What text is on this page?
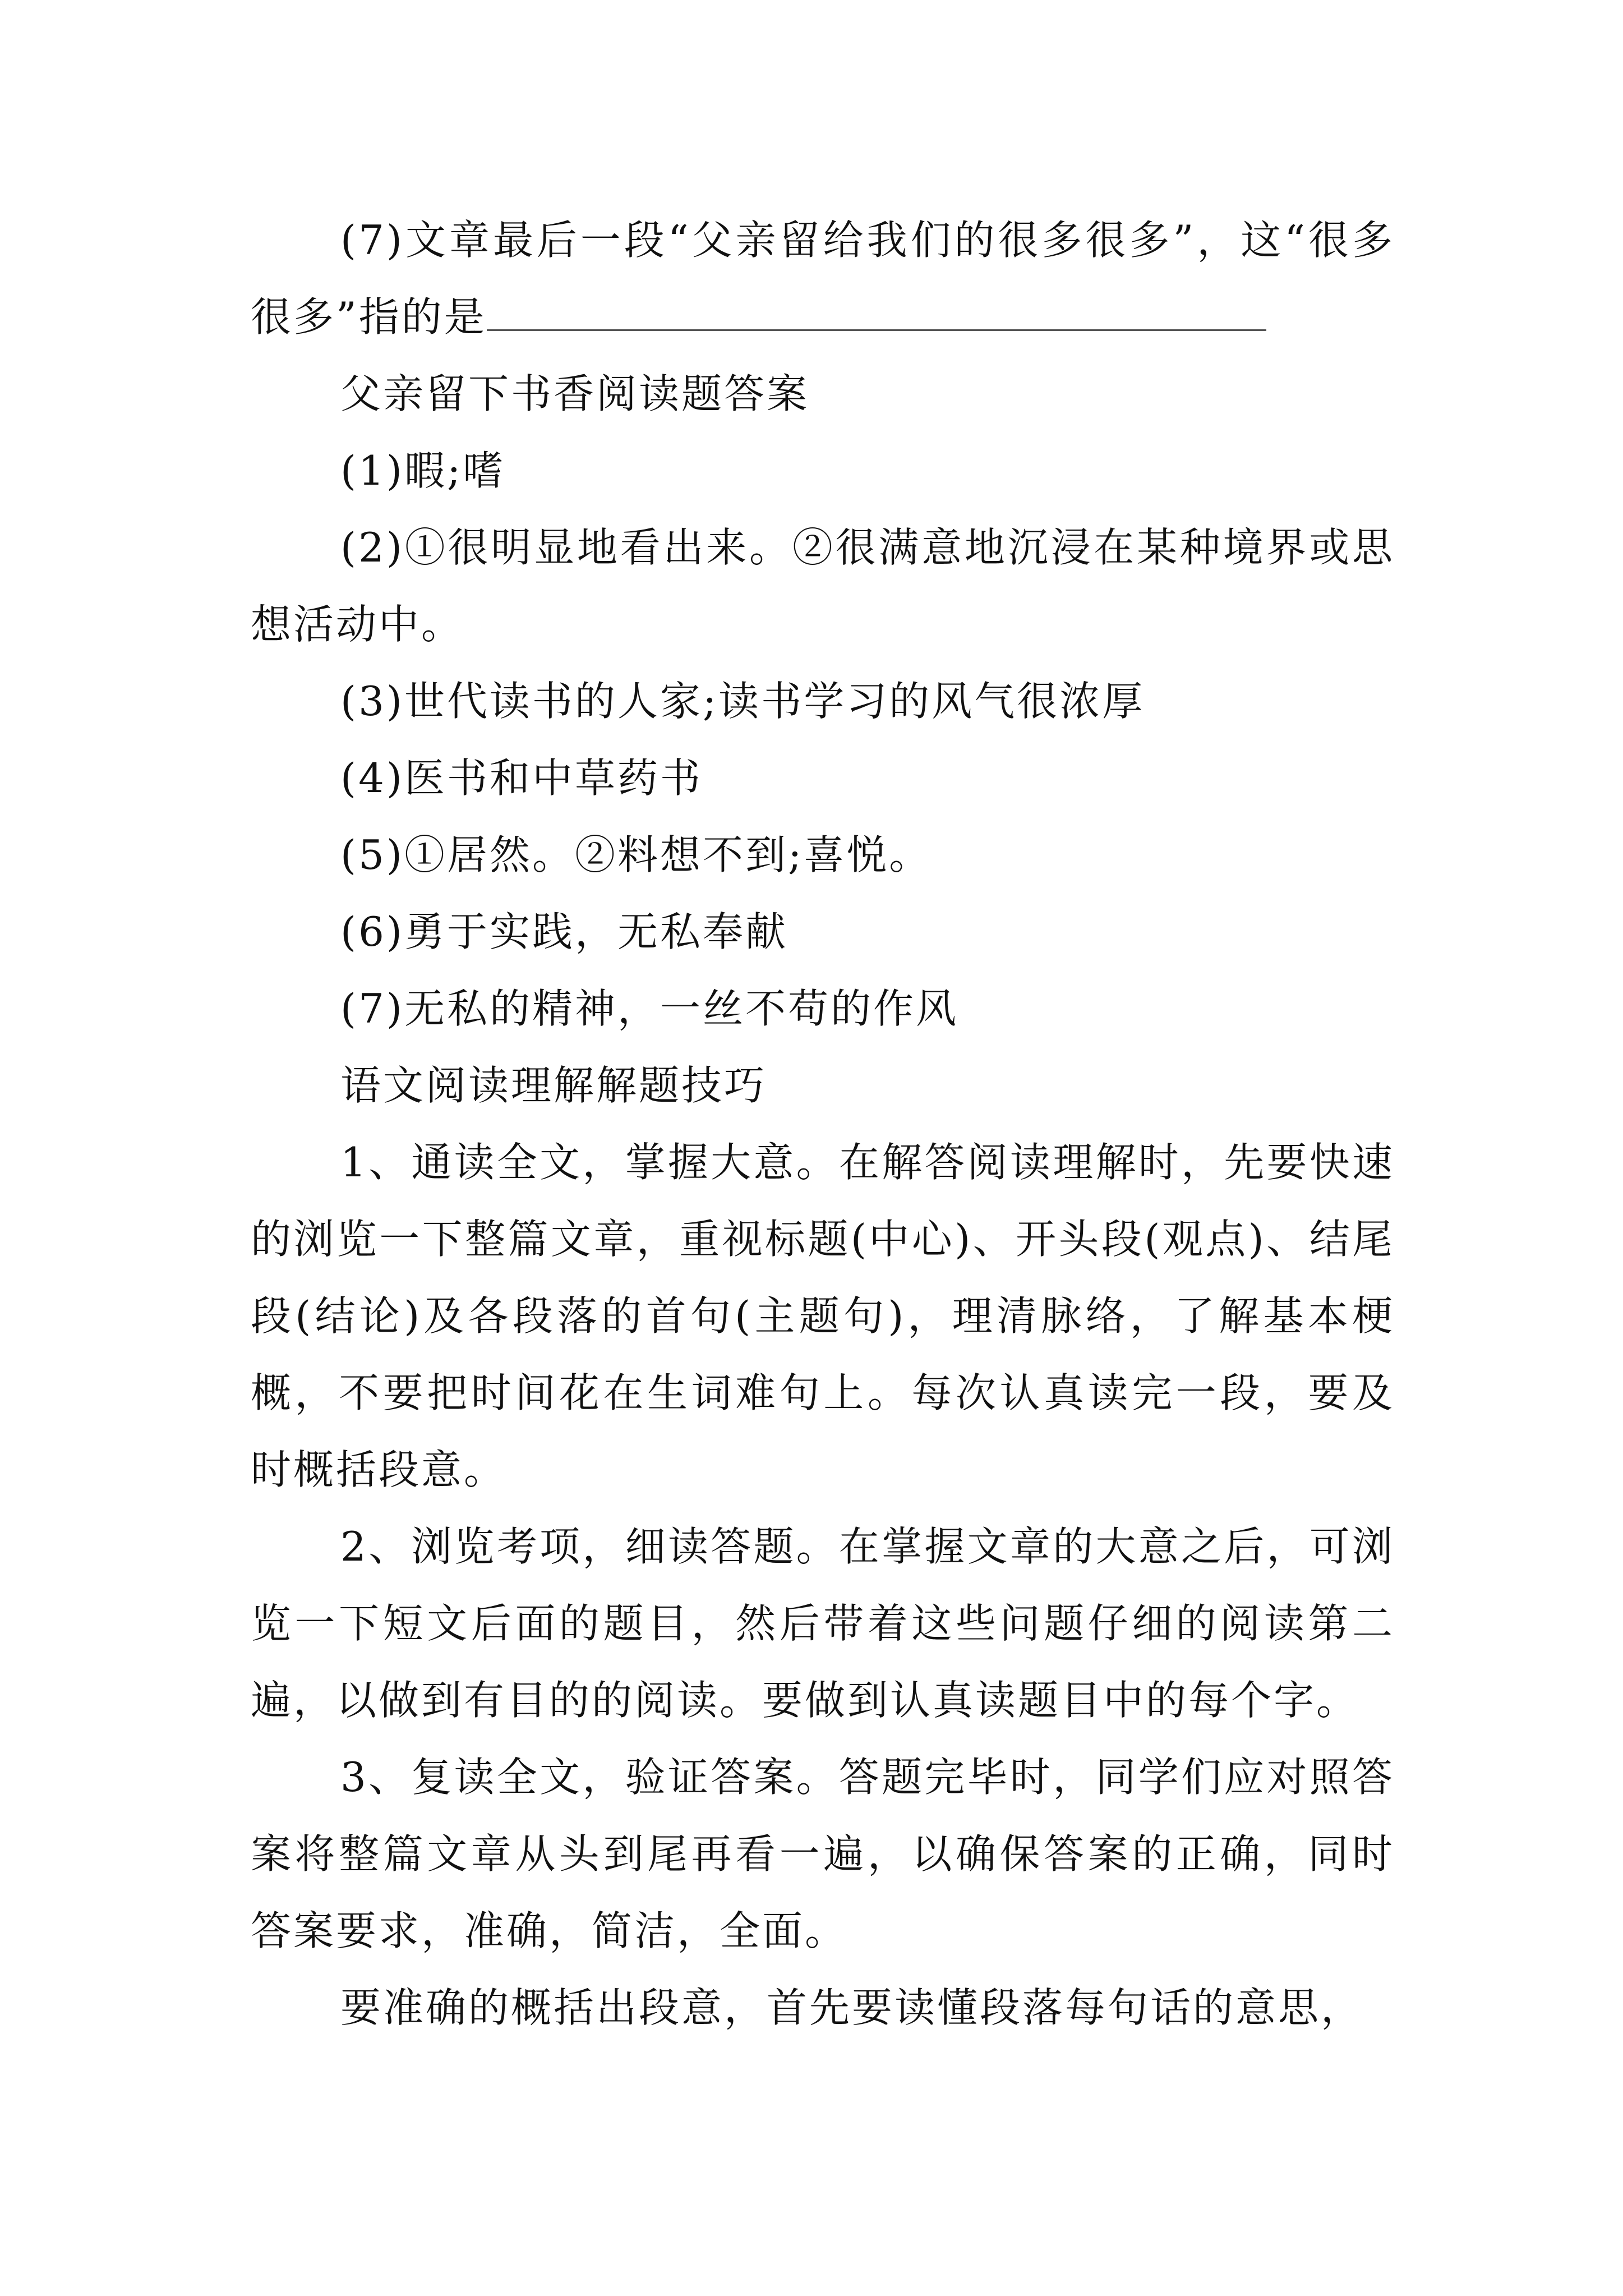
(7)文章最后一段“父亲留给我们的很多很多”，这“很多很多”指的是

父亲留下书香阅读题答案

(1)暇;嗜

(2)①很明显地看出来。②很满意地沉浸在某种境界或思想活动中。

(3)世代读书的人家;读书学习的风气很浓厚

(4)医书和中草药书

(5)①居然。②料想不到;喜悦。

(6)勇于实践，无私奉献

(7)无私的精神，一丝不苟的作风

语文阅读理解解题技巧

1、通读全文，掌握大意。在解答阅读理解时，先要快速的浏览一下整篇文章，重视标题(中心)、开头段(观点)、结尾段(结论)及各段落的首句(主题句)，理清脉络，了解基本梗概，不要把时间花在生词难句上。每次认真读完一段，要及时概括段意。

2、浏览考项，细读答题。在掌握文章的大意之后，可浏览一下短文后面的题目，然后带着这些问题仔细的阅读第二遍，以做到有目的的阅读。要做到认真读题目中的每个字。

3、复读全文，验证答案。答题完毕时，同学们应对照答案将整篇文章从头到尾再看一遍，以确保答案的正确，同时答案要求，准确，简洁，全面。

要准确的概括出段意，首先要读懂段落每句话的意思，
